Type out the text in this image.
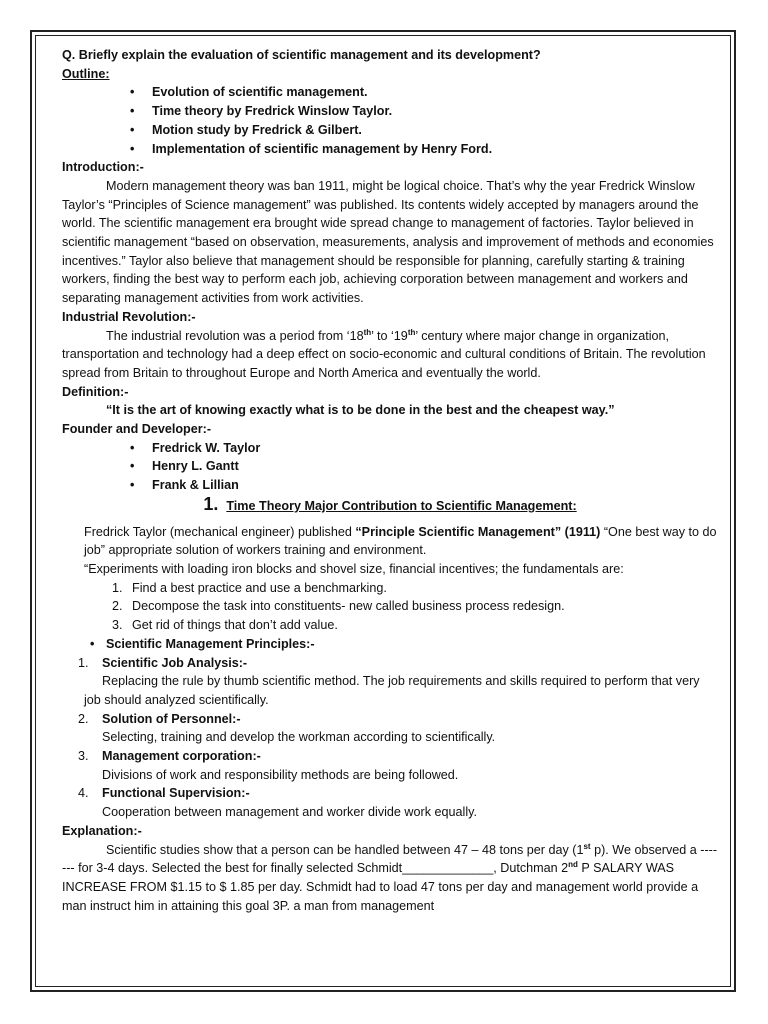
Q. Briefly explain the evaluation of scientific management and its development?
Outline:
• Evolution of scientific management.
• Time theory by Fredrick Winslow Taylor.
• Motion study by Fredrick & Gilbert.
• Implementation of scientific management by Henry Ford.
Introduction:-

Modern management theory was ban 1911, might be logical choice. That’s why the year Fredrick Winslow Taylor’s “Principles of Science management” was published. Its contents widely accepted by managers around the world. The scientific management era brought wide spread change to management of factories. Taylor believed in scientific management “based on observation, measurements, analysis and improvement of methods and economies incentives.” Taylor also believe that management should be responsible for planning, carefully starting & training workers, finding the best way to perform each job, achieving corporation between management and workers and separating management activities from work activities.

Industrial Revolution:-

The industrial revolution was a period from ‘18th’ to ‘19th’ century where major change in organization, transportation and technology had a deep effect on socio-economic and cultural conditions of Britain. The revolution spread from Britain to throughout Europe and North America and eventually the world.

Definition:-

“It is the art of knowing exactly what is to be done in the best and the cheapest way.”

Founder and Developer:-
• Fredrick W. Taylor
• Henry L. Gantt
• Frank & Lillian
1. Time Theory Major Contribution to Scientific Management:

Fredrick Taylor (mechanical engineer) published “Principle Scientific Management” (1911) “One best way to do job” appropriate solution of workers training and environment.

“Experiments with loading iron blocks and shovel size, financial incentives; the fundamentals are:

1. Find a best practice and use a benchmarking.
2. Decompose the task into constituents- new called business process redesign.
3. Get rid of things that don’t add value.
• Scientific Management Principles:-
1. Scientific Job Analysis:-

Replacing the rule by thumb scientific method. The job requirements and skills required to perform that very job should analyzed scientifically.

2. Solution of Personnel:-

Selecting, training and develop the workman according to scientifically.

3. Management corporation:-

Divisions of work and responsibility methods are being followed.

4. Functional Supervision:-

Cooperation between management and worker divide work equally.

Explanation:-

Scientific studies show that a person can be handled between 47 – 48 tons per day (1st p). We observed a ------- for 3-4 days. Selected the best for finally selected Schmidt_____________, Dutchman 2nd P SALARY WAS INCREASE FROM $1.15 to $ 1.85 per day. Schmidt had to load 47 tons per day and management world provide a man instruct him in attaining this goal 3P. a man from management
